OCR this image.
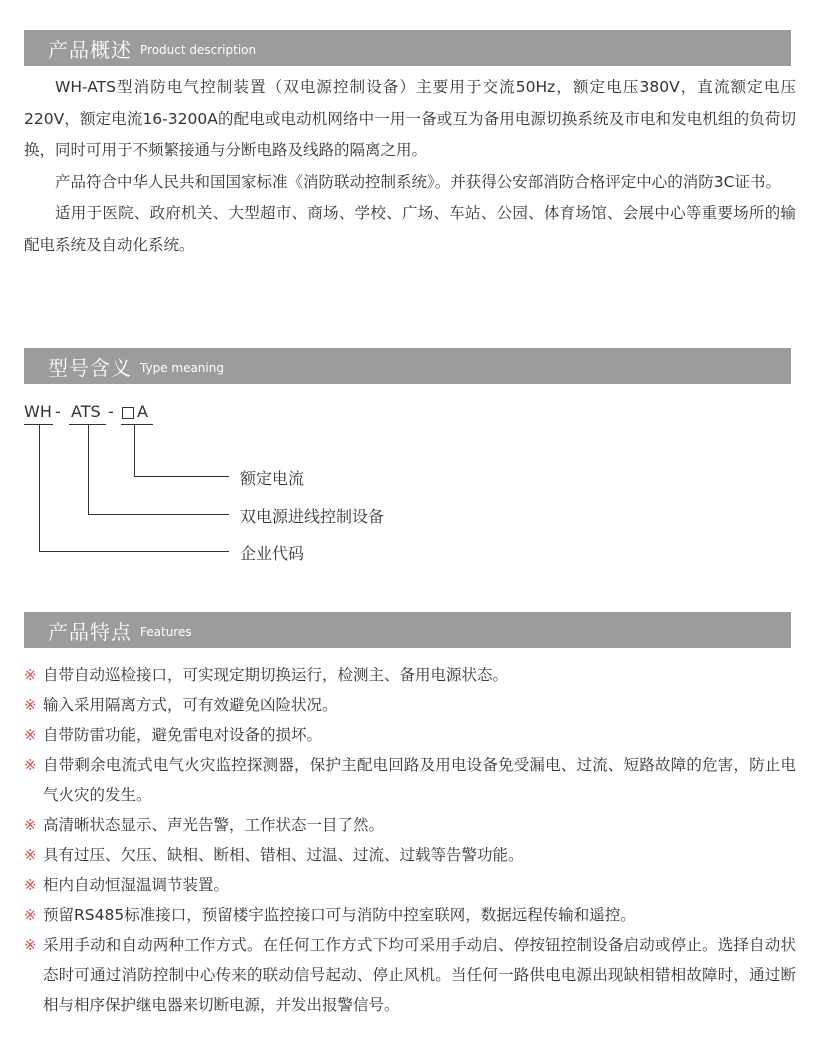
产品概述 Product description

WH-ATS型消防电气控制装置（双电源控制设备）主要用于交流50Hz，额定电压380V，直流额定电压220V，额定电流16-3200A的配电或电动机网络中一用一备或互为备用电源切换系统及市电和发电机组的负荷切换，同时可用于不频繁接通与分断电路及线路的隔离之用。

产品符合中华人民共和国国家标准《消防联动控制系统》。并获得公安部消防合格评定中心的消防3C证书。

适用于医院、政府机关、大型超市、商场、学校、广场、车站、公园、体育场馆、会展中心等重要场所的输配电系统及自动化系统。

型号含义 Type meaning
WH - ATS - A
额定电流
双电源进线控制设备
企业代码
产品特点 Features
※ 自带自动巡检接口，可实现定期切换运行，检测主、备用电源状态。
※ 输入采用隔离方式，可有效避免凶险状况。
※ 自带防雷功能，避免雷电对设备的损坏。
※ 自带剩余电流式电气火灾监控探测器，保护主配电回路及用电设备免受漏电、过流、短路故障的危害，防止电气火灾的发生。
※ 高清晰状态显示、声光告警，工作状态一目了然。
※ 具有过压、欠压、缺相、断相、错相、过温、过流、过载等告警功能。
※ 柜内自动恒湿温调节装置。
※ 预留RS485标准接口，预留楼宇监控接口可与消防中控室联网，数据远程传输和遥控。
※ 采用手动和自动两种工作方式。在任何工作方式下均可采用手动启、停按钮控制设备启动或停止。选择自动状态时可通过消防控制中心传来的联动信号起动、停止风机。当任何一路供电电源出现缺相错相故障时，通过断相与相序保护继电器来切断电源，并发出报警信号。
